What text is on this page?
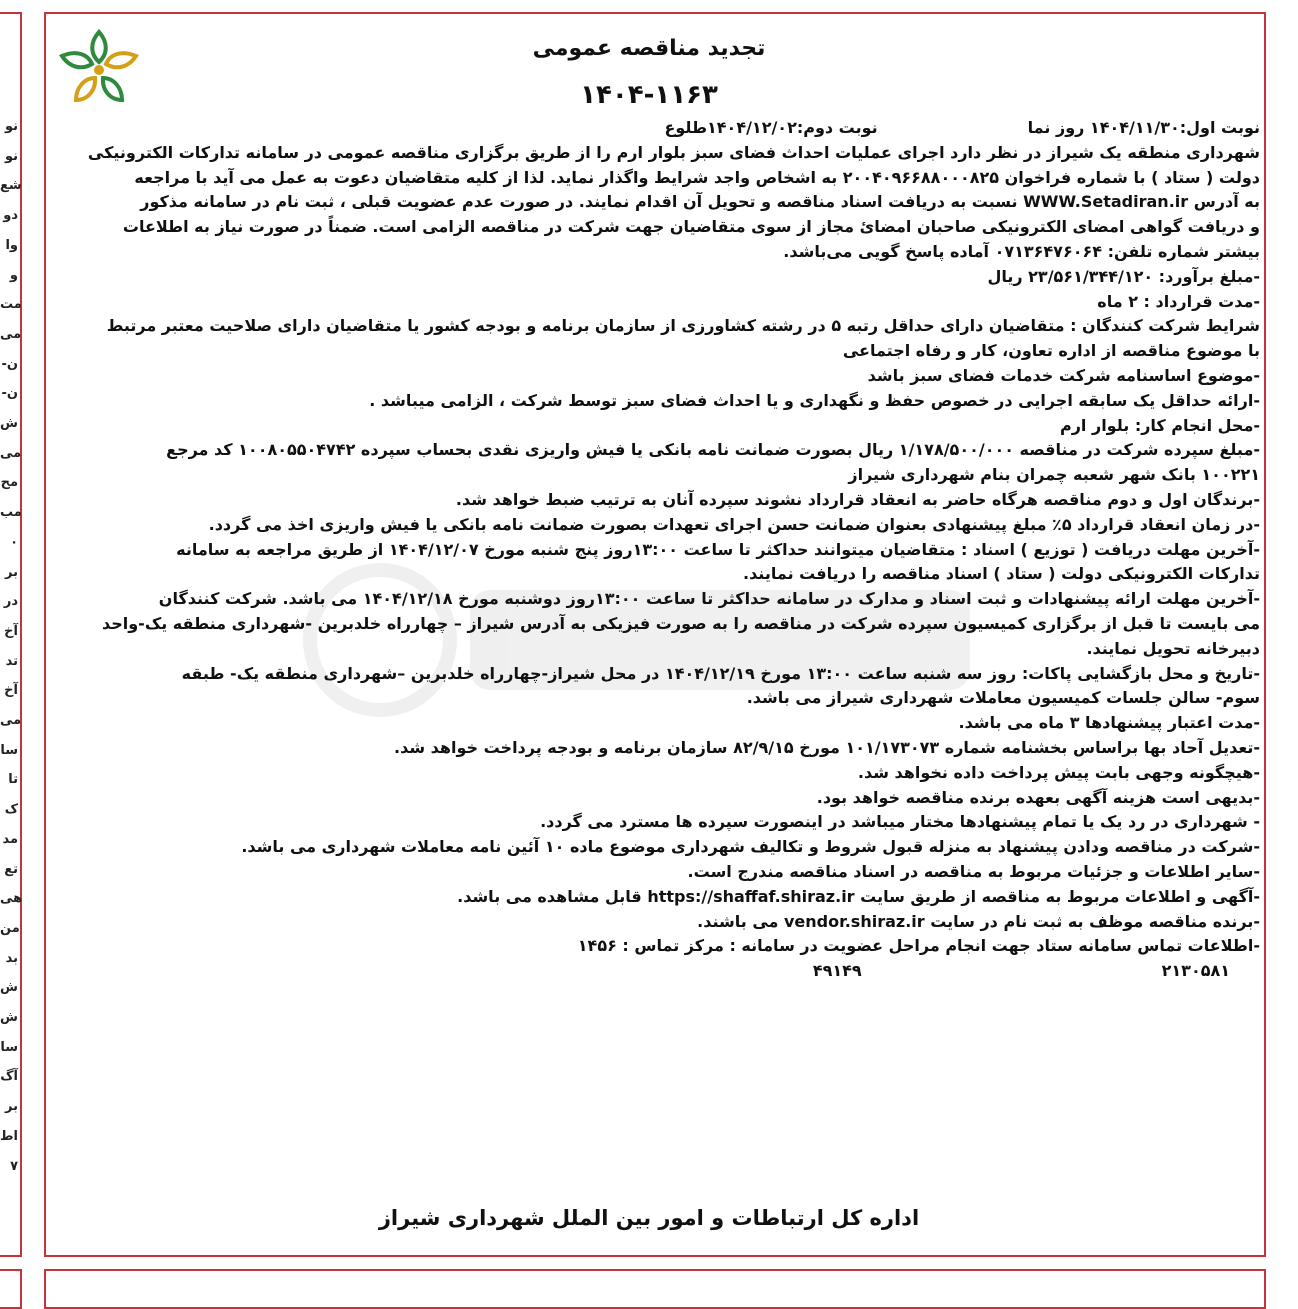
نو
نو
شع
دو
وا
و
مت
می
-ن
-ن
ش
می
مح
مب
۰
بر
در
آخ
تد
آخ
می
سا
تا
ک
مد
تع
هی
من
بد
ش
ش
سا
آگ
بر
اط
۷
تجدید مناقصه عمومی
۱۴۰۴-۱۱۶۳
نوبت اول:۱۴۰۴/۱۱/۳۰ روز نما
نوبت دوم:۱۴۰۴/۱۲/۰۲طلوع
شهرداری منطقه یک شیراز در نظر دارد اجرای عملیات احداث فضای سبز بلوار ارم را از طریق برگزاری مناقصه عمومی در سامانه تدارکات الکترونیکی
دولت ( ستاد ) با شماره فراخوان ۲۰۰۴۰۹۶۶۸۸۰۰۰۸۲۵ به اشخاص واجد شرایط واگذار نماید. لذا از کلیه متقاضیان دعوت به عمل می آید با مراجعه
به آدرس WWW.Setadiran.ir نسبت به دریافت اسناد مناقصه و تحویل آن اقدام نمایند. در صورت عدم عضویت قبلی ، ثبت نام در سامانه مذکور
و دریافت گواهی امضای الکترونیکی صاحبان امضائ مجاز از سوی متقاضیان جهت شرکت در مناقصه الزامی است. ضمناً در صورت نیاز به اطلاعات
بیشتر شماره تلفن: ۰۷۱۳۶۴۷۶۰۶۴ آماده پاسخ گویی می‌باشد.
-مبلغ برآورد: ۲۳/۵۶۱/۳۴۴/۱۲۰ ریال
-مدت قرارداد : ۲ ماه
شرایط شرکت کنندگان : متقاضیان دارای حداقل رتبه ۵ در رشته کشاورزی از سازمان برنامه و بودجه کشور یا متقاضیان دارای صلاحیت معتبر مرتبط
با موضوع مناقصه از اداره تعاون، کار و رفاه اجتماعی
-موضوع اساسنامه شرکت خدمات فضای سبز باشد
-ارائه حداقل یک سابقه اجرایی در خصوص حفظ و نگهداری و یا احداث فضای سبز توسط شرکت ، الزامی میباشد .
-محل انجام کار: بلوار ارم
-مبلغ سپرده شرکت در مناقصه ۱/۱۷۸/۵۰۰/۰۰۰ ریال بصورت ضمانت نامه بانکی یا فیش واریزی نقدی بحساب سپرده ۱۰۰۸۰۵۵۰۴۷۴۲ کد مرجع
۱۰۰۲۲۱ بانک شهر شعبه چمران بنام شهرداری شیراز
-برندگان اول و دوم مناقصه هرگاه حاضر به انعقاد قرارداد نشوند سپرده آنان به ترتیب ضبط خواهد شد.
-در زمان انعقاد قرارداد ۵٪ مبلغ پیشنهادی بعنوان ضمانت حسن اجرای تعهدات بصورت ضمانت نامه بانکی یا فیش واریزی اخذ می گردد.
-آخرین مهلت دریافت ( توزیع ) اسناد : متقاضیان میتوانند حداکثر تا ساعت ۱۳:۰۰روز پنج شنبه مورخ ۱۴۰۴/۱۲/۰۷ از طریق مراجعه به سامانه
تدارکات الکترونیکی دولت ( ستاد ) اسناد مناقصه را دریافت نمایند.
-آخرین مهلت ارائه پیشنهادات و ثبت اسناد و مدارک در سامانه حداکثر تا ساعت ۱۳:۰۰روز دوشنبه مورخ ۱۴۰۴/۱۲/۱۸ می باشد. شرکت کنندگان
می بایست تا قبل از برگزاری کمیسیون سپرده شرکت در مناقصه را به صورت فیزیکی به آدرس شیراز – چهارراه خلدبرین -شهرداری منطقه یک-واحد
دبیرخانه تحویل نمایند.
-تاریخ و محل بازگشایی پاکات: روز سه شنبه ساعت ۱۳:۰۰ مورخ ۱۴۰۴/۱۲/۱۹ در محل شیراز-چهارراه خلدبرین –شهرداری منطقه یک- طبقه
سوم- سالن جلسات کمیسیون معاملات شهرداری شیراز می باشد.
-مدت اعتبار پیشنهادها ۳ ماه می باشد.
-تعدیل آحاد بها براساس بخشنامه شماره ۱۰۱/۱۷۳۰۷۳ مورخ ۸۲/۹/۱۵ سازمان برنامه و بودجه پرداخت خواهد شد.
-هیچگونه وجهی بابت پیش پرداخت داده نخواهد شد.
-بدیهی است هزینه آگهی بعهده برنده مناقصه خواهد بود.
- شهرداری در رد یک یا تمام پیشنهادها مختار میباشد در اینصورت سپرده ها مسترد می گردد.
-شرکت در مناقصه ودادن پیشنهاد به منزله قبول شروط و تکالیف شهرداری موضوع ماده ۱۰ آئین نامه معاملات شهرداری می باشد.
-سایر اطلاعات و جزئیات مربوط به مناقصه در اسناد مناقصه مندرج است.
-آگهی و اطلاعات مربوط به مناقصه از طریق سایت https://shaffaf.shiraz.ir قابل مشاهده می باشد.
-برنده مناقصه موظف به ثبت نام در سایت vendor.shiraz.ir می باشند.
-اطلاعات تماس سامانه ستاد جهت انجام مراحل عضویت در سامانه : مرکز تماس : ۱۴۵۶
۲۱۳۰۵۸۱
۴۹۱۴۹
اداره کل ارتباطات و امور بین الملل شهرداری شیراز
